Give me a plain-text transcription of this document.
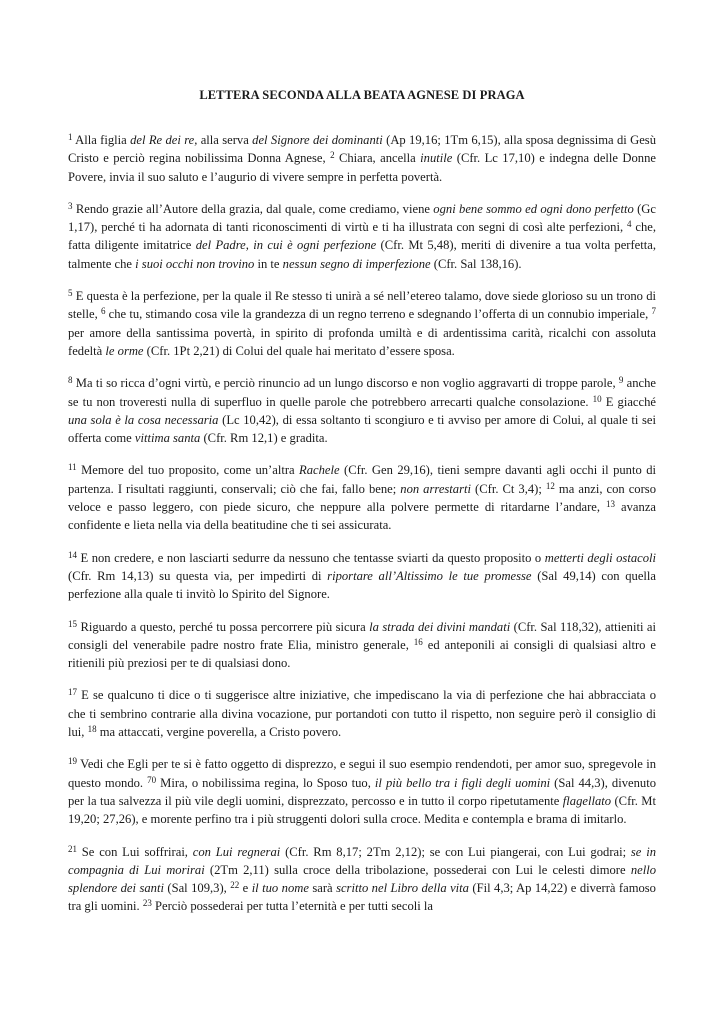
LETTERA SECONDA ALLA BEATA AGNESE DI PRAGA

$^1$ Alla figlia del Re dei re, alla serva del Signore dei dominanti (Ap 19,16; 1Tm 6,15), alla sposa degnissima di Gesù Cristo e perciò regina nobilissima Donna Agnese, $^2$ Chiara, ancella inutile (Cfr. Lc 17,10) e indegna delle Donne Povere, invia il suo saluto e l’augurio di vivere sempre in perfetta povertà.

$^3$ Rendo grazie all’Autore della grazia, dal quale, come crediamo, viene ogni bene sommo ed ogni dono perfetto (Gc 1,17), perché ti ha adornata di tanti riconoscimenti di virtù e ti ha illustrata con segni di così alte perfezioni, $^4$ che, fatta diligente imitatrice del Padre, in cui è ogni perfezione (Cfr. Mt 5,48), meriti di divenire a tua volta perfetta, talmente che i suoi occhi non trovino in te nessun segno di imperfezione (Cfr. Sal 138,16).

$^5$ E questa è la perfezione, per la quale il Re stesso ti unirà a sé nell’etereo talamo, dove siede glorioso su un trono di stelle, $^6$ che tu, stimando cosa vile la grandezza di un regno terreno e sdegnando l’offerta di un connubio imperiale, $^7$ per amore della santissima povertà, in spirito di profonda umiltà e di ardentissima carità, ricalchi con assoluta fedeltà le orme (Cfr. 1Pt 2,21) di Colui del quale hai meritato d’essere sposa.

$^8$ Ma ti so ricca d’ogni virtù, e perciò rinuncio ad un lungo discorso e non voglio aggravarti di troppe parole, $^9$ anche se tu non troveresti nulla di superfluo in quelle parole che potrebbero arrecarti qualche consolazione. $^{10}$ E giacché una sola è la cosa necessaria (Lc 10,42), di essa soltanto ti scongiuro e ti avviso per amore di Colui, al quale ti sei offerta come vittima santa (Cfr. Rm 12,1) e gradita.

$^{11}$ Memore del tuo proposito, come un’altra Rachele (Cfr. Gen 29,16), tieni sempre davanti agli occhi il punto di partenza. I risultati raggiunti, conservali; ciò che fai, fallo bene; non arrestarti (Cfr. Ct 3,4); $^{12}$ ma anzi, con corso veloce e passo leggero, con piede sicuro, che neppure alla polvere permette di ritardarne l’andare, $^{13}$ avanza confidente e lieta nella via della beatitudine che ti sei assicurata.

$^{14}$ E non credere, e non lasciarti sedurre da nessuno che tentasse sviarti da questo proposito o metterti degli ostacoli (Cfr. Rm 14,13) su questa via, per impedirti di riportare all’Altissimo le tue promesse (Sal 49,14) con quella perfezione alla quale ti invitò lo Spirito del Signore.

$^{15}$ Riguardo a questo, perché tu possa percorrere più sicura la strada dei divini mandati (Cfr. Sal 118,32), attieniti ai consigli del venerabile padre nostro frate Elia, ministro generale, $^{16}$ ed anteponili ai consigli di qualsiasi altro e ritienili più preziosi per te di qualsiasi dono.

$^{17}$ E se qualcuno ti dice o ti suggerisce altre iniziative, che impediscano la via di perfezione che hai abbracciata o che ti sembrino contrarie alla divina vocazione, pur portandoti con tutto il rispetto, non seguire però il consiglio di lui, $^{18}$ ma attaccati, vergine poverella, a Cristo povero.

$^{19}$ Vedi che Egli per te si è fatto oggetto di disprezzo, e segui il suo esempio rendendoti, per amor suo, spregevole in questo mondo. $^{70}$ Mira, o nobilissima regina, lo Sposo tuo, il più bello tra i figli degli uomini (Sal 44,3), divenuto per la tua salvezza il più vile degli uomini, disprezzato, percosso e in tutto il corpo ripetutamente flagellato (Cfr. Mt 19,20; 27,26), e morente perfino tra i più struggenti dolori sulla croce. Medita e contempla e brama di imitarlo.

$^{21}$ Se con Lui soffrirai, con Lui regnerai (Cfr. Rm 8,17; 2Tm 2,12); se con Lui piangerai, con Lui godrai; se in compagnia di Lui morirai (2Tm 2,11) sulla croce della tribolazione, possederai con Lui le celesti dimore nello splendore dei santi (Sal 109,3), $^{22}$ e il tuo nome sarà scritto nel Libro della vita (Fil 4,3; Ap 14,22) e diverrà famoso tra gli uomini. $^{23}$ Perciò possederai per tutta l’eternità e per tutti secoli la
